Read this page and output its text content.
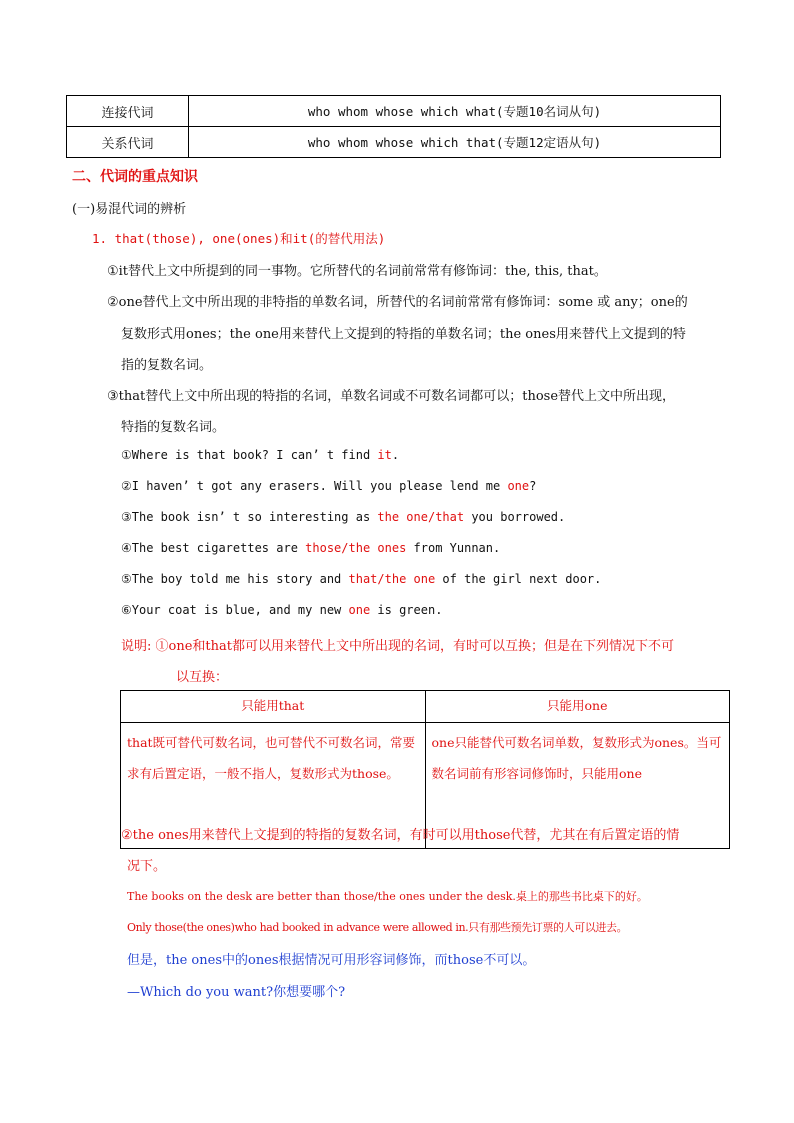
连接代词	who whom whose which what(专题10名词从句)
关系代词	who whom whose which that(专题12定语从句)
二、代词的重点知识
(一)易混代词的辨析
1. that(those), one(ones)和it(的替代用法)
①it替代上文中所提到的同一事物。它所替代的名词前常常有修饰词：the, this, that。
②one替代上文中所出现的非特指的单数名词，所替代的名词前常常有修饰词：some 或 any；one的
复数形式用ones；the one用来替代上文提到的特指的单数名词；the ones用来替代上文提到的特
指的复数名词。
③that替代上文中所出现的特指的名词，单数名词或不可数名词都可以；those替代上文中所出现，
特指的复数名词。
①Where is that book? I can’ t find it.
②I haven’ t got any erasers. Will you please lend me one?
③The book isn’ t so interesting as the one/that you borrowed.
④The best cigarettes are those/the ones from Yunnan.
⑤The boy told me his story and that/the one of the girl next door.
⑥Your coat is blue, and my new one is green.
说明: ①one和that都可以用来替代上文中所出现的名词，有时可以互换；但是在下列情况下不可
以互换：
只能用that	只能用one
that既可替代可数名词，也可替代不可数名词，常要求有后置定语，一般不指人，复数形式为those。	one只能替代可数名词单数，复数形式为ones。当可数名词前有形容词修饰时，只能用one
②the ones用来替代上文提到的特指的复数名词，有时可以用those代替，尤其在有后置定语的情
况下。
The books on the desk are better than those/the ones under the desk.桌上的那些书比桌下的好。
Only those(the ones)who had booked in advance were allowed in.只有那些预先订票的人可以进去。
但是，the ones中的ones根据情况可用形容词修饰，而those不可以。
—Which do you want?你想要哪个?
